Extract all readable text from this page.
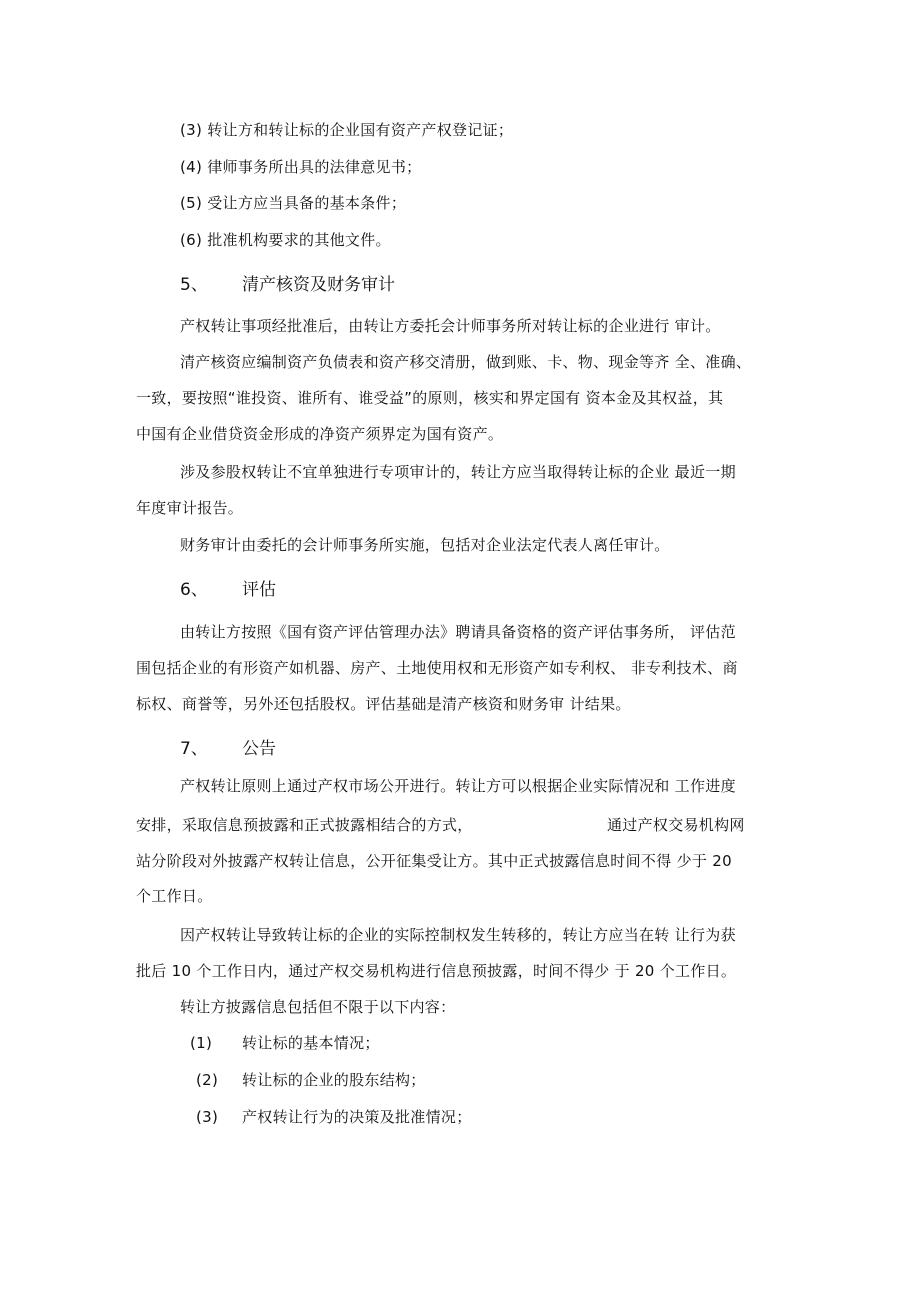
(3) 转让方和转让标的企业国有资产产权登记证；
(4) 律师事务所出具的法律意见书；
(5) 受让方应当具备的基本条件；
(6) 批准机构要求的其他文件。
5、 清产核资及财务审计
产权转让事项经批准后，由转让方委托会计师事务所对转让标的企业进行 审计。
清产核资应编制资产负债表和资产移交清册，做到账、卡、物、现金等齐 全、准确、
一致，要按照“谁投资、谁所有、谁受益”的原则，核实和界定国有 资本金及其权益，其
中国有企业借贷资金形成的净资产须界定为国有资产。
涉及参股权转让不宜单独进行专项审计的，转让方应当取得转让标的企业 最近一期
年度审计报告。
财务审计由委托的会计师事务所实施，包括对企业法定代表人离任审计。
6、 评估
由转让方按照《国有资产评估管理办法》聘请具备资格的资产评估事务所， 评估范
围包括企业的有形资产如机器、房产、土地使用权和无形资产如专利权、 非专利技术、商
标权、商誉等，另外还包括股权。评估基础是清产核资和财务审 计结果。
7、 公告
产权转让原则上通过产权市场公开进行。转让方可以根据企业实际情况和 工作进度
安排，采取信息预披露和正式披露相结合的方式，	通过产权交易机构网
站分阶段对外披露产权转让信息，公开征集受让方。其中正式披露信息时间不得 少于 20
个工作日。
因产权转让导致转让标的企业的实际控制权发生转移的，转让方应当在转 让行为获
批后 10 个工作日内，通过产权交易机构进行信息预披露，时间不得少 于 20 个工作日。
转让方披露信息包括但不限于以下内容：
(1) 转让标的基本情况；
(2) 转让标的企业的股东结构；
(3) 产权转让行为的决策及批准情况；
